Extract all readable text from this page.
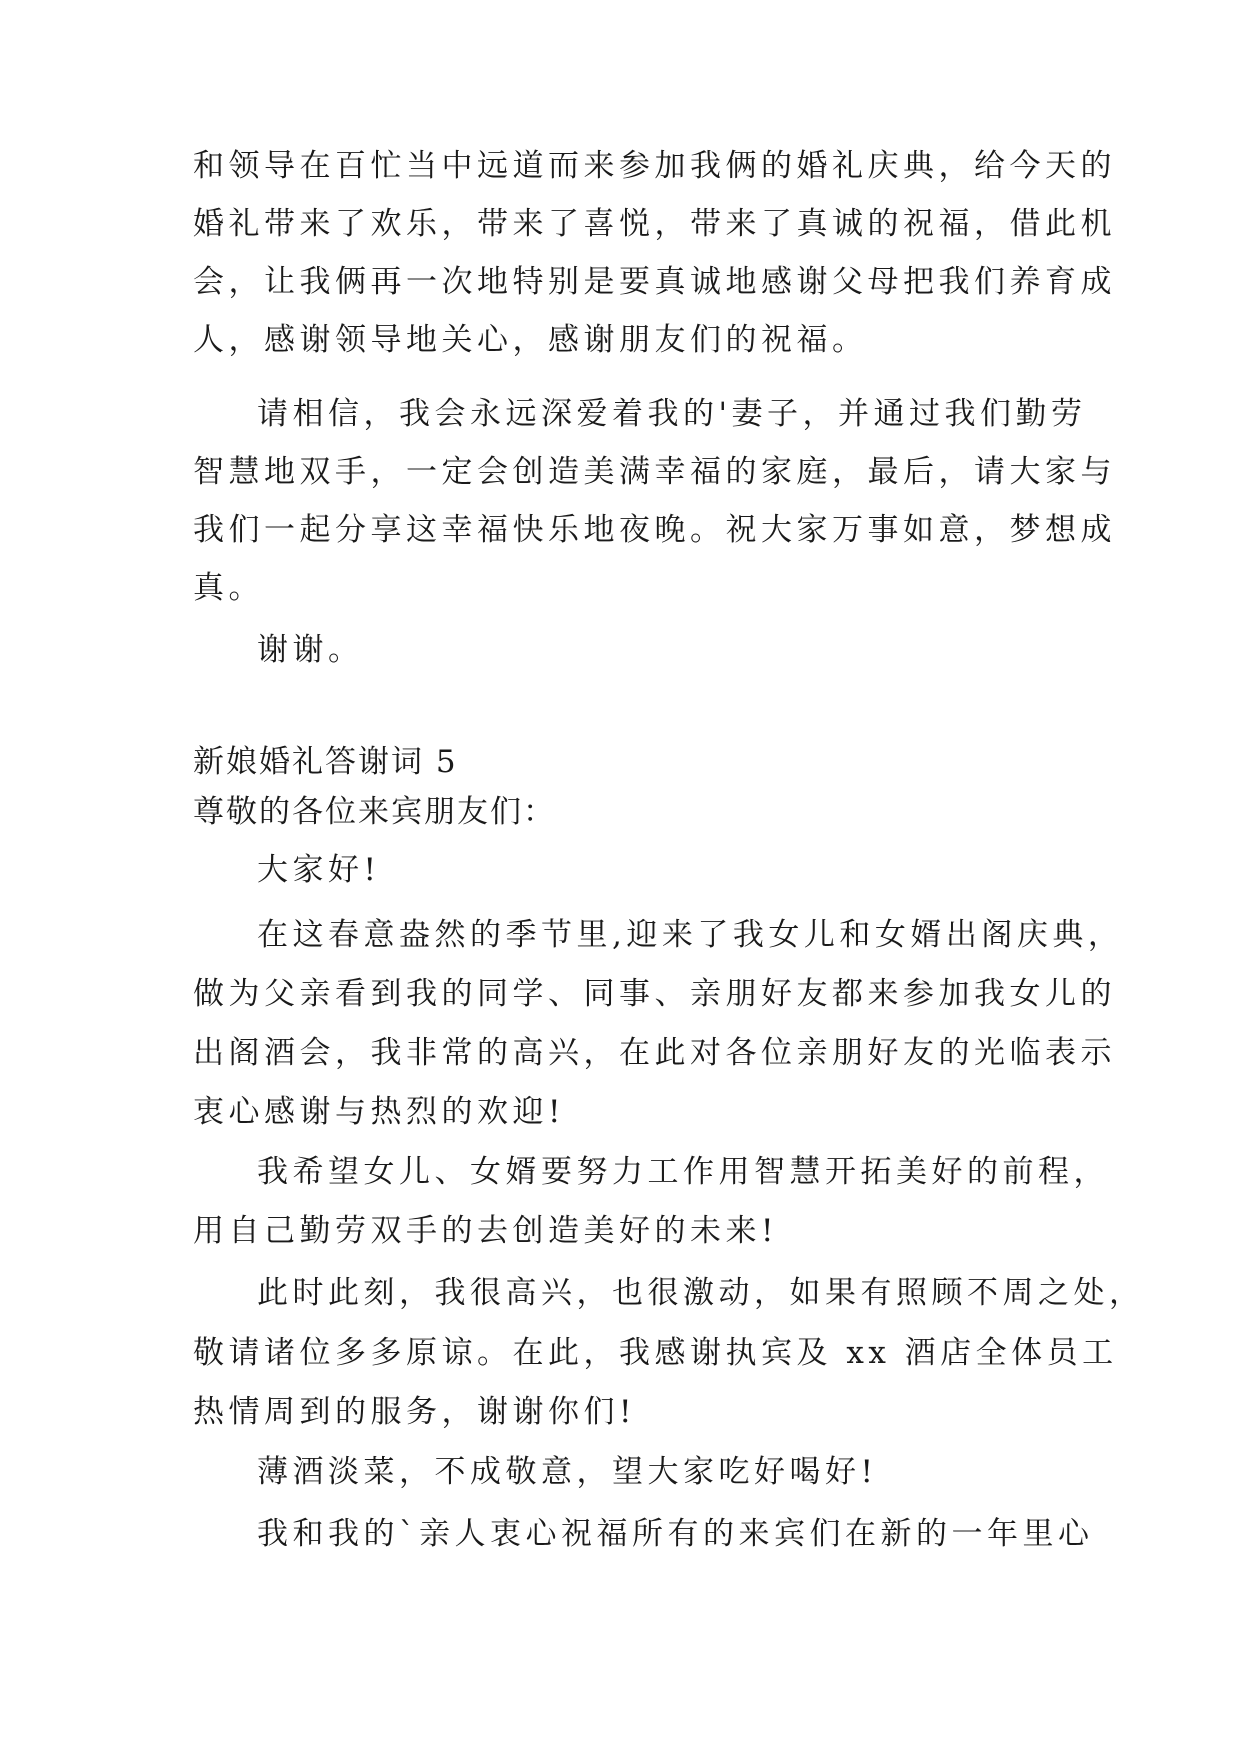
和领导在百忙当中远道而来参加我俩的婚礼庆典，给今天的
婚礼带来了欢乐，带来了喜悦，带来了真诚的祝福，借此机
会，让我俩再一次地特别是要真诚地感谢父母把我们养育成
人，感谢领导地关心，感谢朋友们的祝福。
请相信，我会永远深爱着我的'妻子，并通过我们勤劳
智慧地双手，一定会创造美满幸福的家庭，最后，请大家与
我们一起分享这幸福快乐地夜晚。祝大家万事如意，梦想成
真。
谢谢。
新娘婚礼答谢词 5
尊敬的各位来宾朋友们：
大家好!
在这春意盎然的季节里,迎来了我女儿和女婿出阁庆典，
做为父亲看到我的同学、同事、亲朋好友都来参加我女儿的
出阁酒会，我非常的高兴，在此对各位亲朋好友的光临表示
衷心感谢与热烈的欢迎!
我希望女儿、女婿要努力工作用智慧开拓美好的前程，
用自己勤劳双手的去创造美好的未来!
此时此刻，我很高兴，也很激动，如果有照顾不周之处，
敬请诸位多多原谅。在此，我感谢执宾及 xx 酒店全体员工
热情周到的服务，谢谢你们!
薄酒淡菜，不成敬意，望大家吃好喝好!
我和我的`亲人衷心祝福所有的来宾们在新的一年里心
